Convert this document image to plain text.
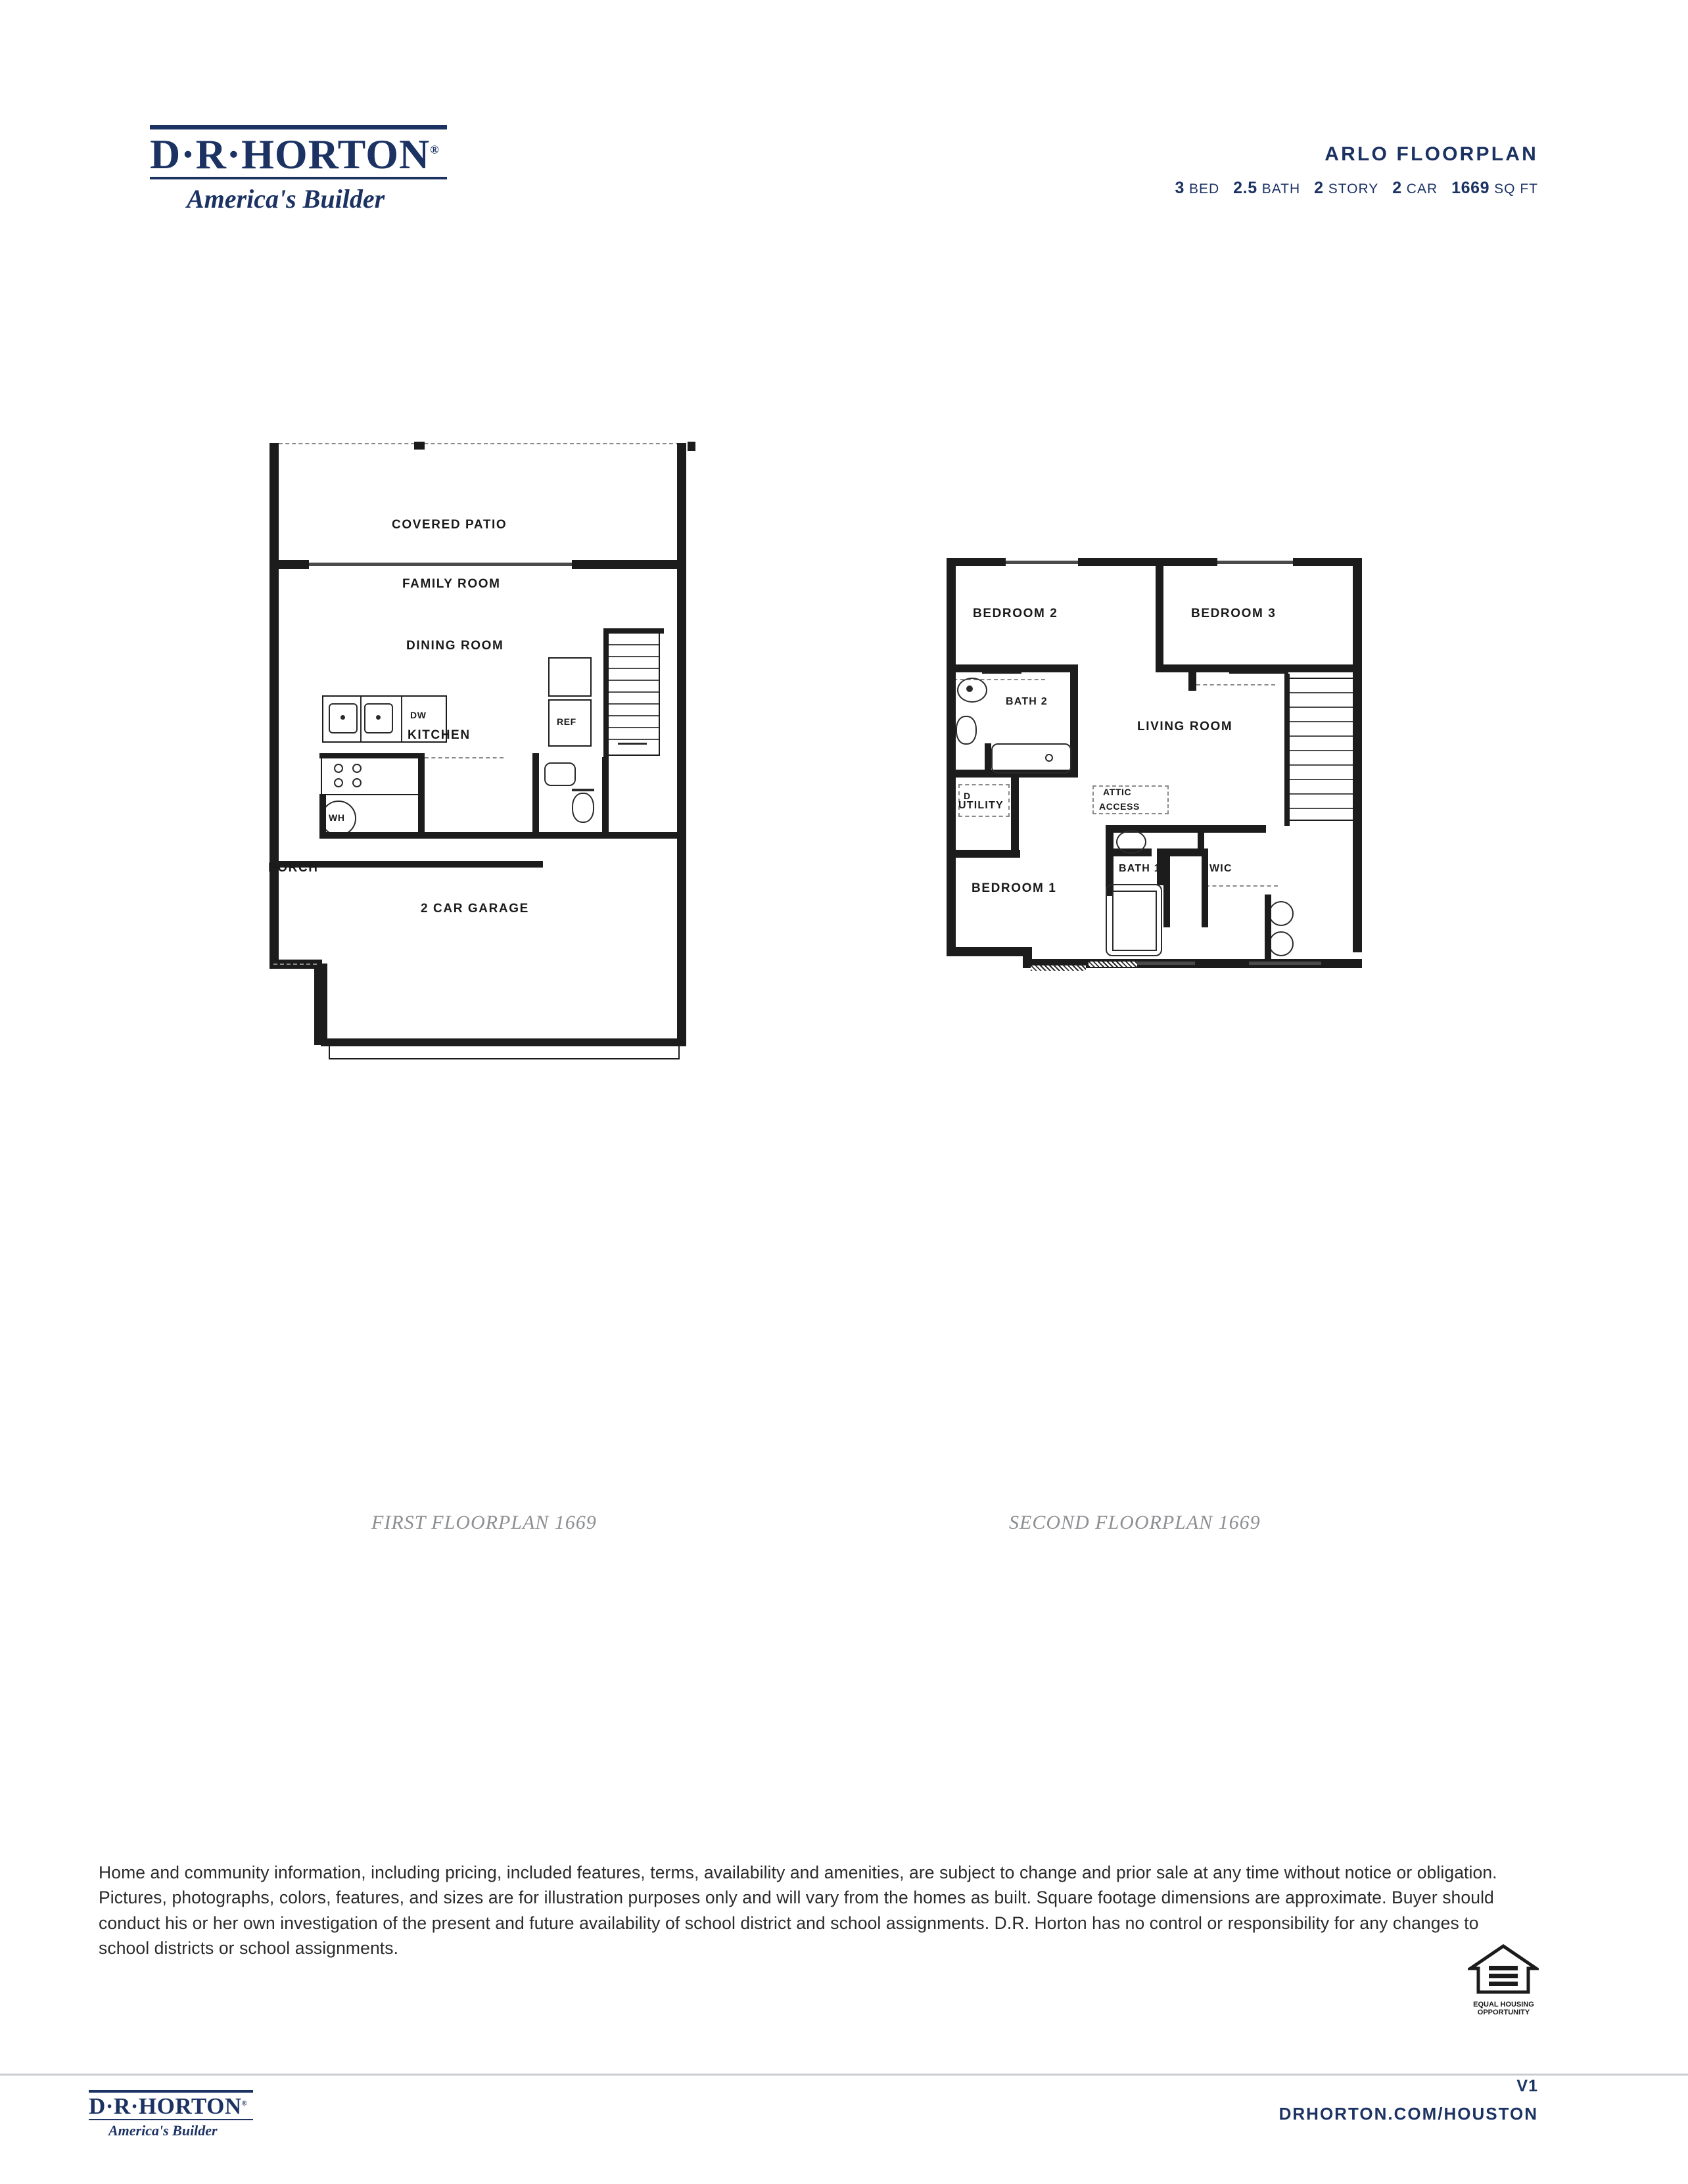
D·R·HORTON®
America's Builder
ARLO FLOORPLAN
3 BED 2.5 BATH 2 STORY 2 CAR 1669 SQ FT
REF
DW
WH
COVERED PATIO
FAMILY ROOM
DINING ROOM
KITCHEN
PORCH
2 CAR GARAGE
D	ATTIC
ACCESS
BEDROOM 2	BEDROOM 3
BATH 2
LIVING ROOM
UTILITY
BEDROOM 1
BATH 1	WIC
FIRST FLOORPLAN 1669	SECOND FLOORPLAN 1669
Home and community information, including pricing, included features, terms, availability and amenities, are subject to change and prior sale at any time without notice or obligation. Pictures, photographs, colors, features, and sizes are for illustration purposes only and will vary from the homes as built. Square footage dimensions are approximate. Buyer should conduct his or her own investigation of the present and future availability of school district and school assignments. D.R. Horton has no control or responsibility for any changes to school districts or school assignments.
EQUAL HOUSING
OPPORTUNITY
D·R·HORTON®
America's Builder
V1
DRHORTON.COM/HOUSTON
